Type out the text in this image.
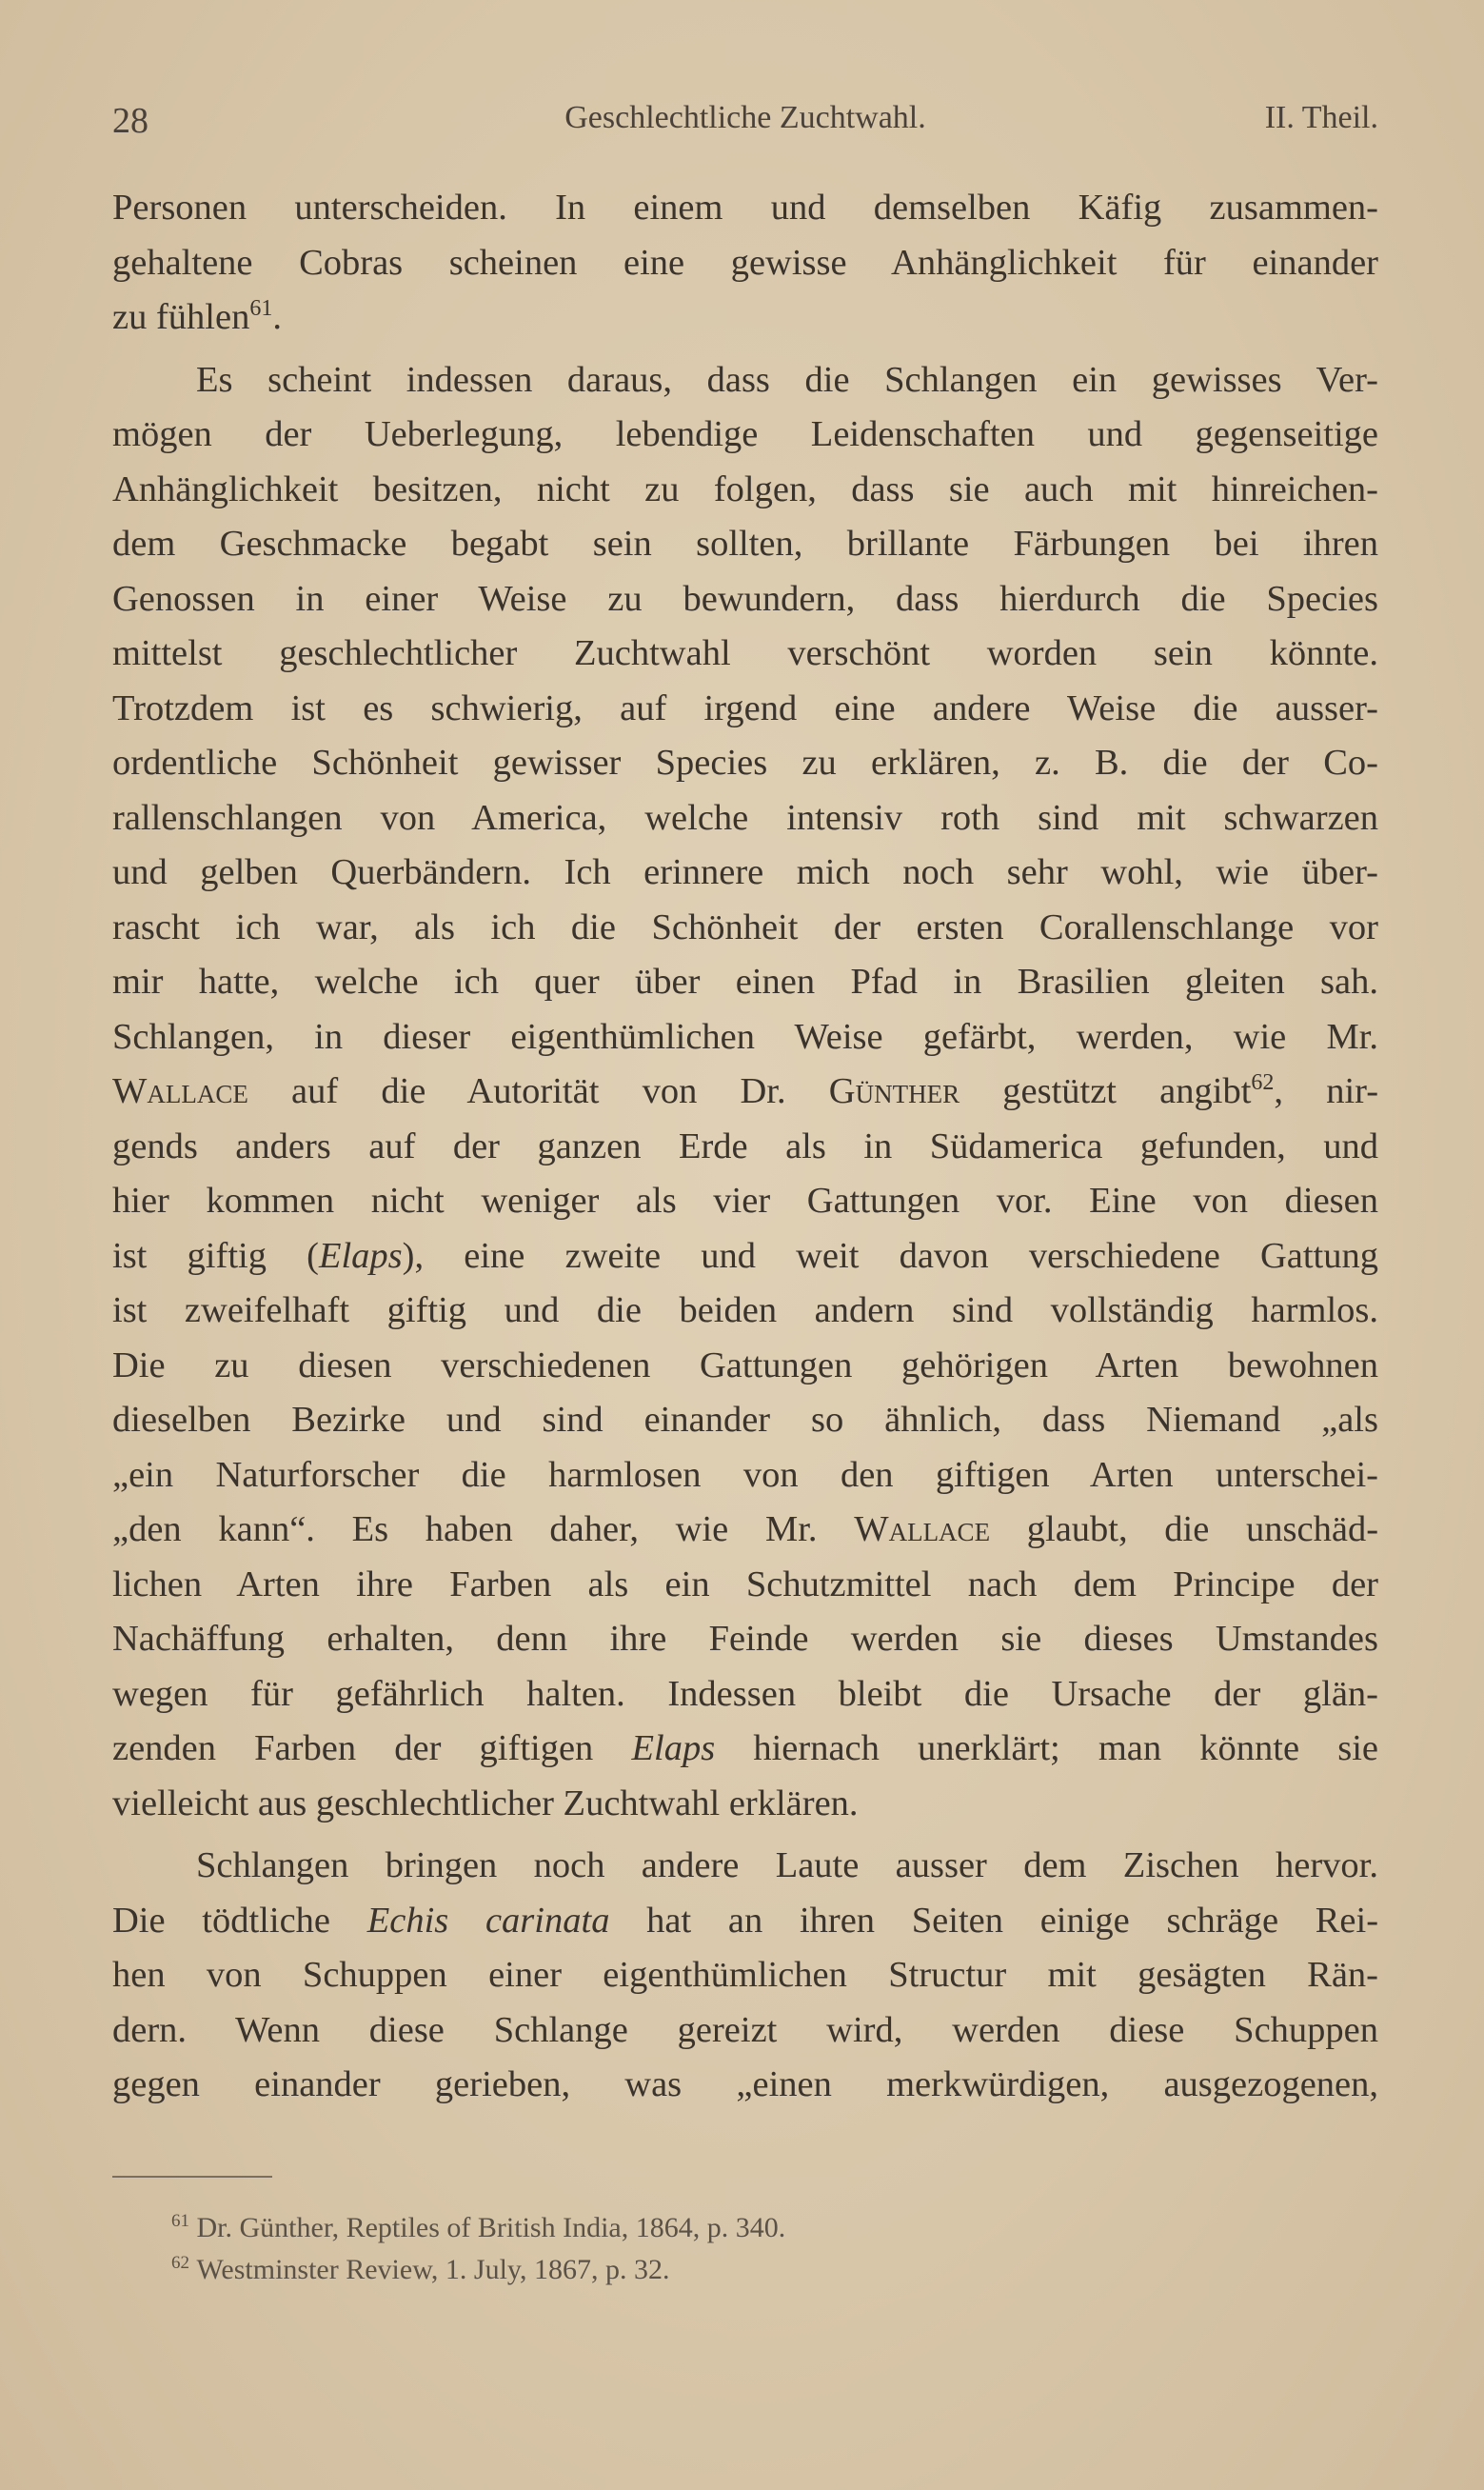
28	Geschlechtliche Zuchtwahl.	II. Theil.
Personen unterscheiden. In einem und demselben Käfig zusammen-
gehaltene Cobras scheinen eine gewisse Anhänglichkeit für einander
zu fühlen$^{61}$.
Es scheint indessen daraus, dass die Schlangen ein gewisses Ver-
mögen der Ueberlegung, lebendige Leidenschaften und gegenseitige
Anhänglichkeit besitzen, nicht zu folgen, dass sie auch mit hinreichen-
dem Geschmacke begabt sein sollten, brillante Färbungen bei ihren
Genossen in einer Weise zu bewundern, dass hierdurch die Species
mittelst geschlechtlicher Zuchtwahl verschönt worden sein könnte.
Trotzdem ist es schwierig, auf irgend eine andere Weise die ausser-
ordentliche Schönheit gewisser Species zu erklären, z. B. die der Co-
rallenschlangen von America, welche intensiv roth sind mit schwarzen
und gelben Querbändern. Ich erinnere mich noch sehr wohl, wie über-
rascht ich war, als ich die Schönheit der ersten Corallenschlange vor
mir hatte, welche ich quer über einen Pfad in Brasilien gleiten sah.
Schlangen, in dieser eigenthümlichen Weise gefärbt, werden, wie Mr.
Wallace auf die Autorität von Dr. Günther gestützt angibt$^{62}$, nir-
gends anders auf der ganzen Erde als in Südamerica gefunden, und
hier kommen nicht weniger als vier Gattungen vor. Eine von diesen
ist giftig (Elaps), eine zweite und weit davon verschiedene Gattung
ist zweifelhaft giftig und die beiden andern sind vollständig harmlos.
Die zu diesen verschiedenen Gattungen gehörigen Arten bewohnen
dieselben Bezirke und sind einander so ähnlich, dass Niemand „als
„ein Naturforscher die harmlosen von den giftigen Arten unterschei-
„den kann“. Es haben daher, wie Mr. Wallace glaubt, die unschäd-
lichen Arten ihre Farben als ein Schutzmittel nach dem Principe der
Nachäffung erhalten, denn ihre Feinde werden sie dieses Umstandes
wegen für gefährlich halten. Indessen bleibt die Ursache der glän-
zenden Farben der giftigen Elaps hiernach unerklärt; man könnte sie
vielleicht aus geschlechtlicher Zuchtwahl erklären.
Schlangen bringen noch andere Laute ausser dem Zischen hervor.
Die tödtliche Echis carinata hat an ihren Seiten einige schräge Rei-
hen von Schuppen einer eigenthümlichen Structur mit gesägten Rän-
dern. Wenn diese Schlange gereizt wird, werden diese Schuppen
gegen einander gerieben, was „einen merkwürdigen, ausgezogenen,
$^{61}$ Dr. Günther, Reptiles of British India, 1864, p. 340.
$^{62}$ Westminster Review, 1. July, 1867, p. 32.
